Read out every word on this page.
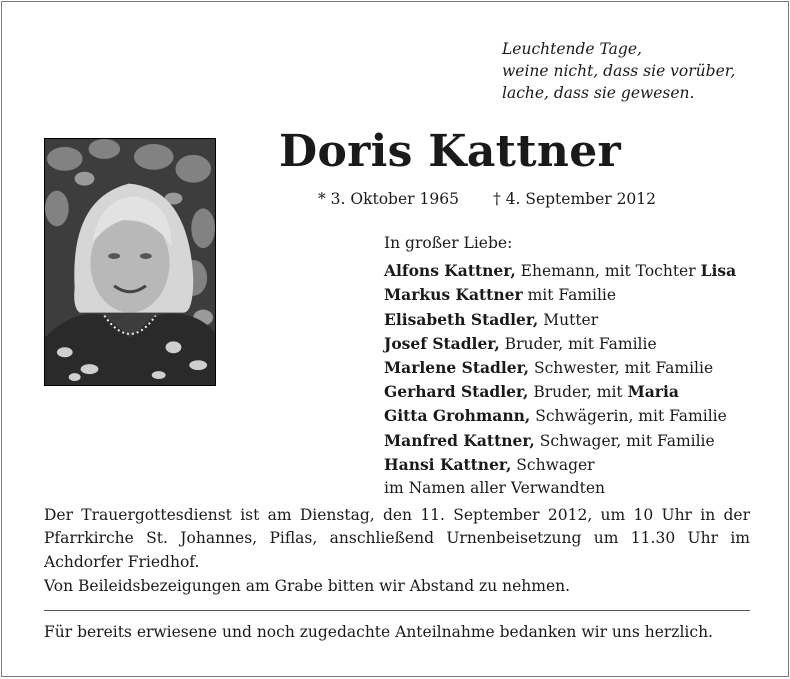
Leuchtende Tage,
weine nicht, dass sie vorüber,
lache, dass sie gewesen.
Doris Kattner
* 3. Oktober 1965 † 4. September 2012
In großer Liebe:
Alfons Kattner, Ehemann, mit Tochter Lisa
Markus Kattner mit Familie
Elisabeth Stadler, Mutter
Josef Stadler, Bruder, mit Familie
Marlene Stadler, Schwester, mit Familie
Gerhard Stadler, Bruder, mit Maria
Gitta Grohmann, Schwägerin, mit Familie
Manfred Kattner, Schwager, mit Familie
Hansi Kattner, Schwager
im Namen aller Verwandten
Der Trauergottesdienst ist am Dienstag, den 11. September 2012, um 10 Uhr in der Pfarrkirche St. Johannes, Piflas, anschließend Urnenbeisetzung um 11.30 Uhr im Achdorfer Friedhof.
Von Beileidsbezeigungen am Grabe bitten wir Abstand zu nehmen.
Für bereits erwiesene und noch zugedachte Anteilnahme bedanken wir uns herzlich.
